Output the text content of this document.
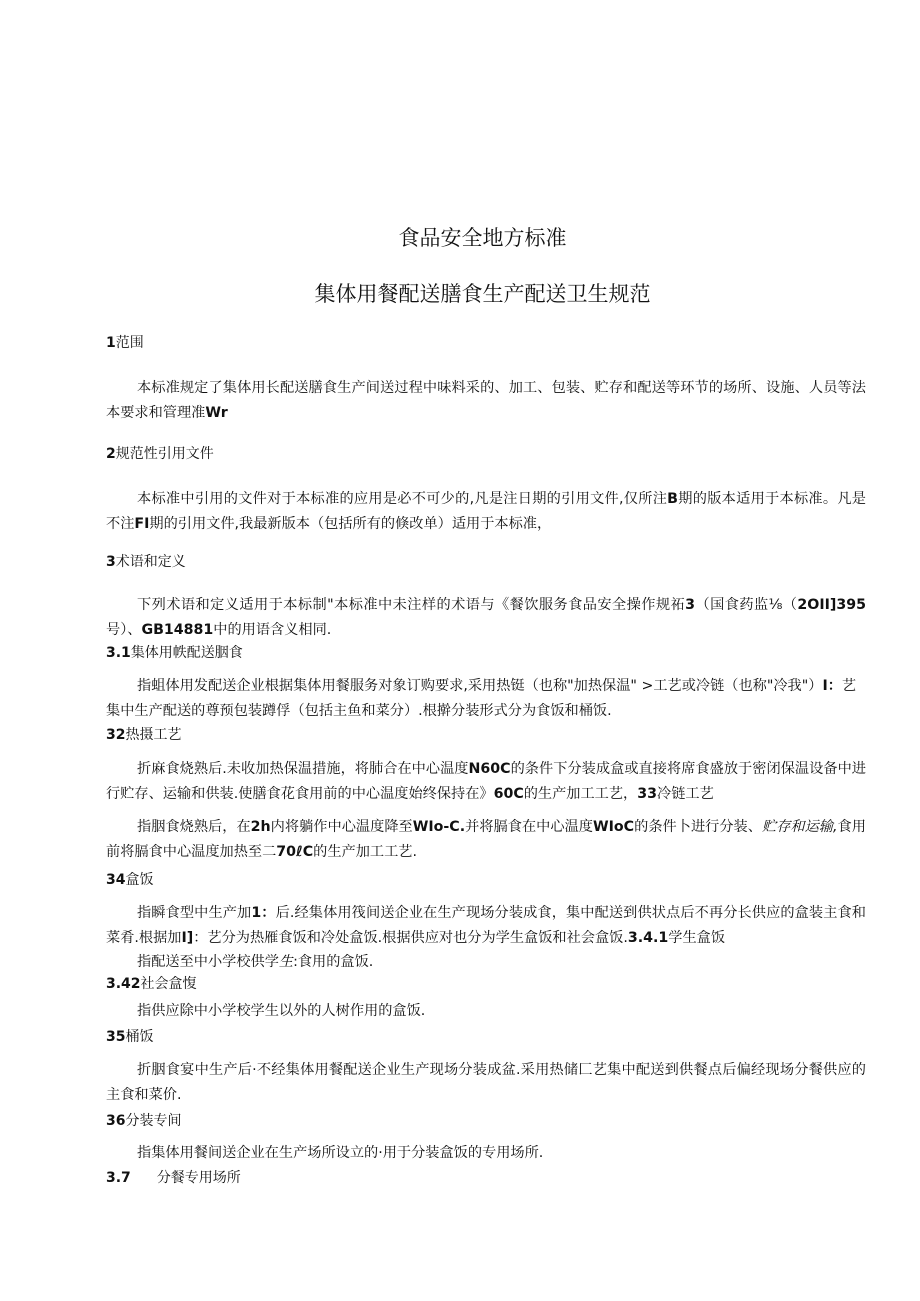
食品安全地方标准
集体用餐配送膳食生产配送卫生规范
1范围
本标准规定了集体用长配送膳食生产间送过程中味料采的、加工、包装、贮存和配送等环节的场所、设施、人员等法本要求和管理准Wr
2规范性引用文件
本标准中引用的文件对于本标准的应用是必不可少的,凡是注日期的引用文件,仅所注B期的版本适用于本标准。凡是不注FI期的引用文件,我最新版本（包括所有的倏改单）适用于本标准，
3术语和定义
下列术语和定义适用于本标制"本标准中未注样的术语与《餐饮服务食品安全操作规祏3（国食药监⅛（2OII]395号）、GB14881中的用语含义相同.
3.1集体用帙配送胭食
指蛆体用发配送企业根据集体用餐服务对象订购要求,采用热铤（也称"加热保温" >工艺或冷链（也称"冷我"）I：艺集中生产配送的尊预包装蹲俘（包括主鱼和菜分）.根擀分装形式分为食饭和桶饭.
32热摄工艺
折麻食烧熟后.未收加热保温措施，将肺合在中心温度N60C的条件下分装成盒或直接将席食盛放于密闭保温设备中进行贮存、运输和供装.使膳食花食用前的中心温度始终保持在》60C的生产加工工艺，33冷链工艺
指胭食烧熟后，在2h内将躺作中心温度降至WIo-C.并将膈食在中心温度WIoC的条件卜进行分装、贮存和运输,食用前将膈食中心温度加热至二70ℓC的生产加工工艺.
34盒饭
指瞬食型中生产加1：后.经集体用筏间送企业在生产现场分装成食，集中配送到供状点后不再分长供应的盒装主食和菜肴.根据加I]：艺分为热雁食饭和冷处盒饭.根据供应对也分为学生盒饭和社会盒饭.3.4.1学生盒饭
指配送至中小学校供学生:食用的盒饭.
3.42社会盒愎
指供应除中小学校学生以外的人树作用的盒饭.
35桶饭
折胭食宴中生产后·不经集体用餐配送企业生产现场分装成盆.采用热储匚艺集中配送到供餐点后偏经现场分餐供应的主食和菜价.
36分装专间
指集体用餐间送企业在生产场所设立的·用于分装盒饭的专用场所.
3.7 分餐专用场所
